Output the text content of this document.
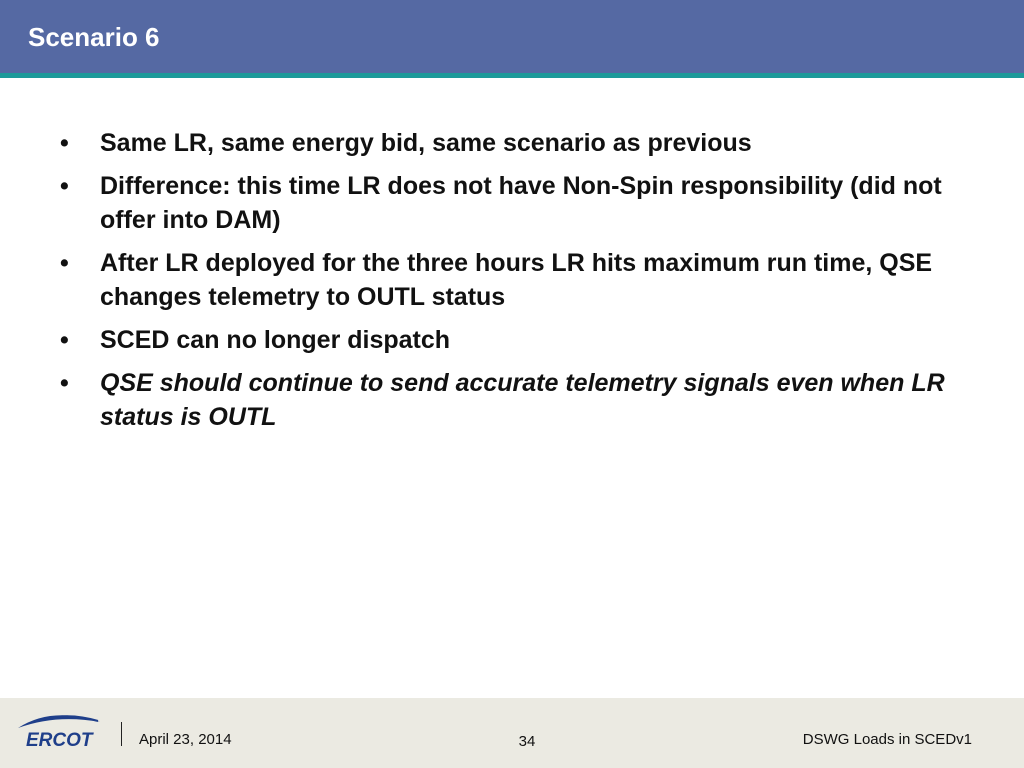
Scenario 6
•	Same LR, same energy bid, same scenario as previous
•	Difference: this time LR does not have Non-Spin responsibility (did not offer into DAM)
•	After LR deployed for the three hours LR hits maximum run time, QSE changes telemetry to OUTL status
•	SCED can no longer dispatch
•	QSE should continue to send accurate telemetry signals even when LR status is OUTL
ERCOT	April 23, 2014	34	DSWG Loads in SCEDv1
